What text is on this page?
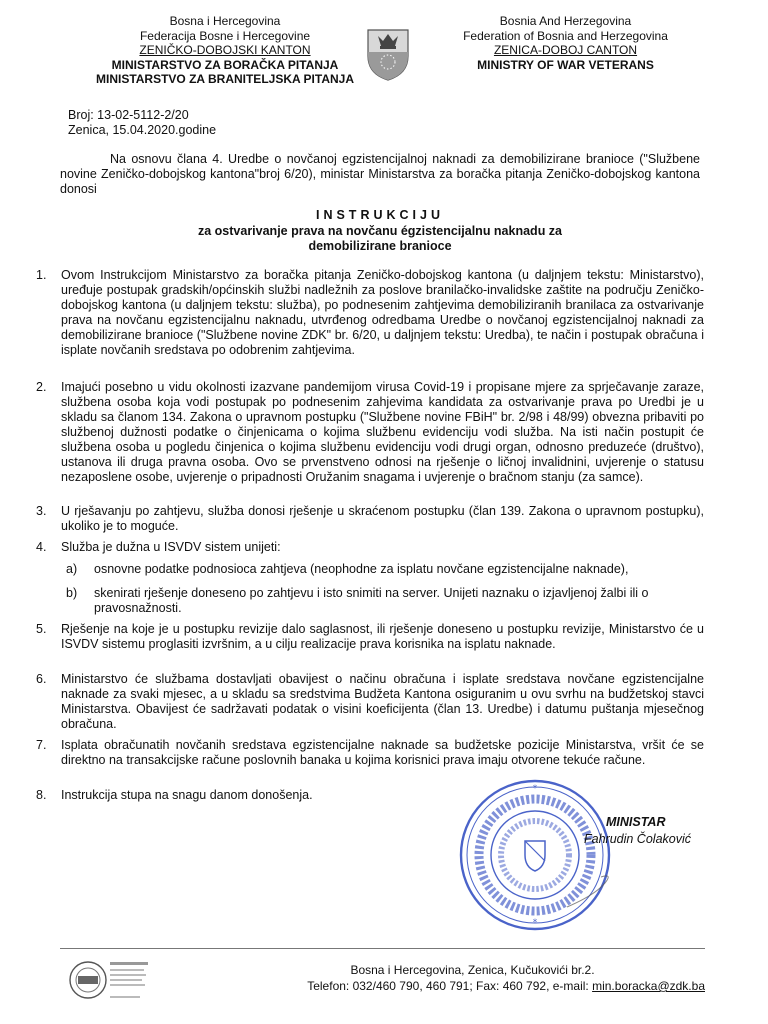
Bosna i Hercegovina
Federacija Bosne i Hercegovine
ZENIČKO-DOBOJSKI KANTON
MINISTARSTVO ZA BORAČKA PITANJA
MINISTARSTVO ZA BRANITELJSKA PITANJA
Bosnia And Herzegovina
Federation of Bosnia and Herzegovina
ZENICA-DOBOJ CANTON
MINISTRY OF WAR VETERANS
Broj: 13-02-5112-2/20
Zenica, 15.04.2020.godine
Na osnovu člana 4. Uredbe o novčanoj egzistencijalnoj naknadi za demobilizirane branioce ("Službene novine Zeničko-dobojskog kantona"broj 6/20), ministar Ministarstva za boračka pitanja Zeničko-dobojskog kantona donosi
INSTRUKCIJU
za ostvarivanje prava na novčanu égzistencijalnu naknadu za
demobilizirane branioce
1.	Ovom Instrukcijom Ministarstvo za boračka pitanja Zeničko-dobojskog kantona (u daljnjem tekstu: Ministarstvo), uređuje postupak gradskih/općinskih službi nadležnih za poslove branilačko-invalidske zaštite na području Zeničko-dobojskog kantona (u daljnjem tekstu: služba), po podnesenim zahtjevima demobiliziranih branilaca za ostvarivanje prava na novčanu egzistencijalnu naknadu, utvrđenog odredbama Uredbe o novčanoj egzistencijalnoj naknadi za demobilizirane branioce ("Službene novine ZDK" br. 6/20, u daljnjem tekstu: Uredba), te način i postupak obračuna i isplate novčanih sredstava po odobrenim zahtjevima.
2.	Imajući posebno u vidu okolnosti izazvane pandemijom virusa Covid-19 i propisane mjere za sprječavanje zaraze, službena osoba koja vodi postupak po podnesenim zahjevima kandidata za ostvarivanje prava po Uredbi je u skladu sa članom 134. Zakona o upravnom postupku ("Službene novine FBiH" br. 2/98 i 48/99) obvezna pribaviti po službenoj dužnosti podatke o činjenicama o kojima službenu evidenciju vodi služba. Na isti način postupit će službena osoba u pogledu činjenica o kojima službenu evidenciju vodi drugi organ, odnosno preduzeće (društvo), ustanova ili druga pravna osoba. Ovo se prvenstveno odnosi na rješenje o ličnoj invalidnini, uvjerenje o statusu nezaposlene osobe, uvjerenje o pripadnosti Oružanim snagama i uvjerenje o bračnom stanju (za samce).
3.	U rješavanju po zahtjevu, služba donosi rješenje u skraćenom postupku (član 139. Zakona o upravnom postupku), ukoliko je to moguće.
4.	Služba je dužna u ISVDV sistem unijeti:
a) osnovne podatke podnosioca zahtjeva (neophodne za isplatu novčane egzistencijalne naknade),
b) skenirati rješenje doneseno po zahtjevu i isto snimiti na server. Unijeti naznaku o izjavljenoj žalbi ili o pravosnažnosti.
5.	Rješenje na koje je u postupku revizije dalo saglasnost, ili rješenje doneseno u postupku revizije, Ministarstvo će u ISVDV sistemu proglasiti izvršnim, a u cilju realizacije prava korisnika na isplatu naknade.
6.	Ministarstvo će službama dostavljati obavijest o načinu obračuna i isplate sredstava novčane egzistencijalne naknade za svaki mjesec, a u skladu sa sredstvima Budžeta Kantona osiguranim u ovu svrhu na budžetskoj stavci Ministarstva. Obavijest će sadržavati podatak o visini koeficijenta (član 13. Uredbe) i datumu puštanja mjesečnog obračuna.
7.	Isplata obračunatih novčanih sredstava egzistencijalne naknade sa budžetske pozicije Ministarstva, vršit će se direktno na transakcijske račune poslovnih banaka u kojima korisnici prava imaju otvorene tekuće račune.
8.	Instrukcija stupa na snagu danom donošenja.	*
*
MINISTAR
Fahrudin Čolaković
Bosna i Hercegovina, Zenica, Kučukovići br.2.
Telefon: 032/460 790, 460 791; Fax: 460 792, e-mail: min.boracka@zdk.ba
